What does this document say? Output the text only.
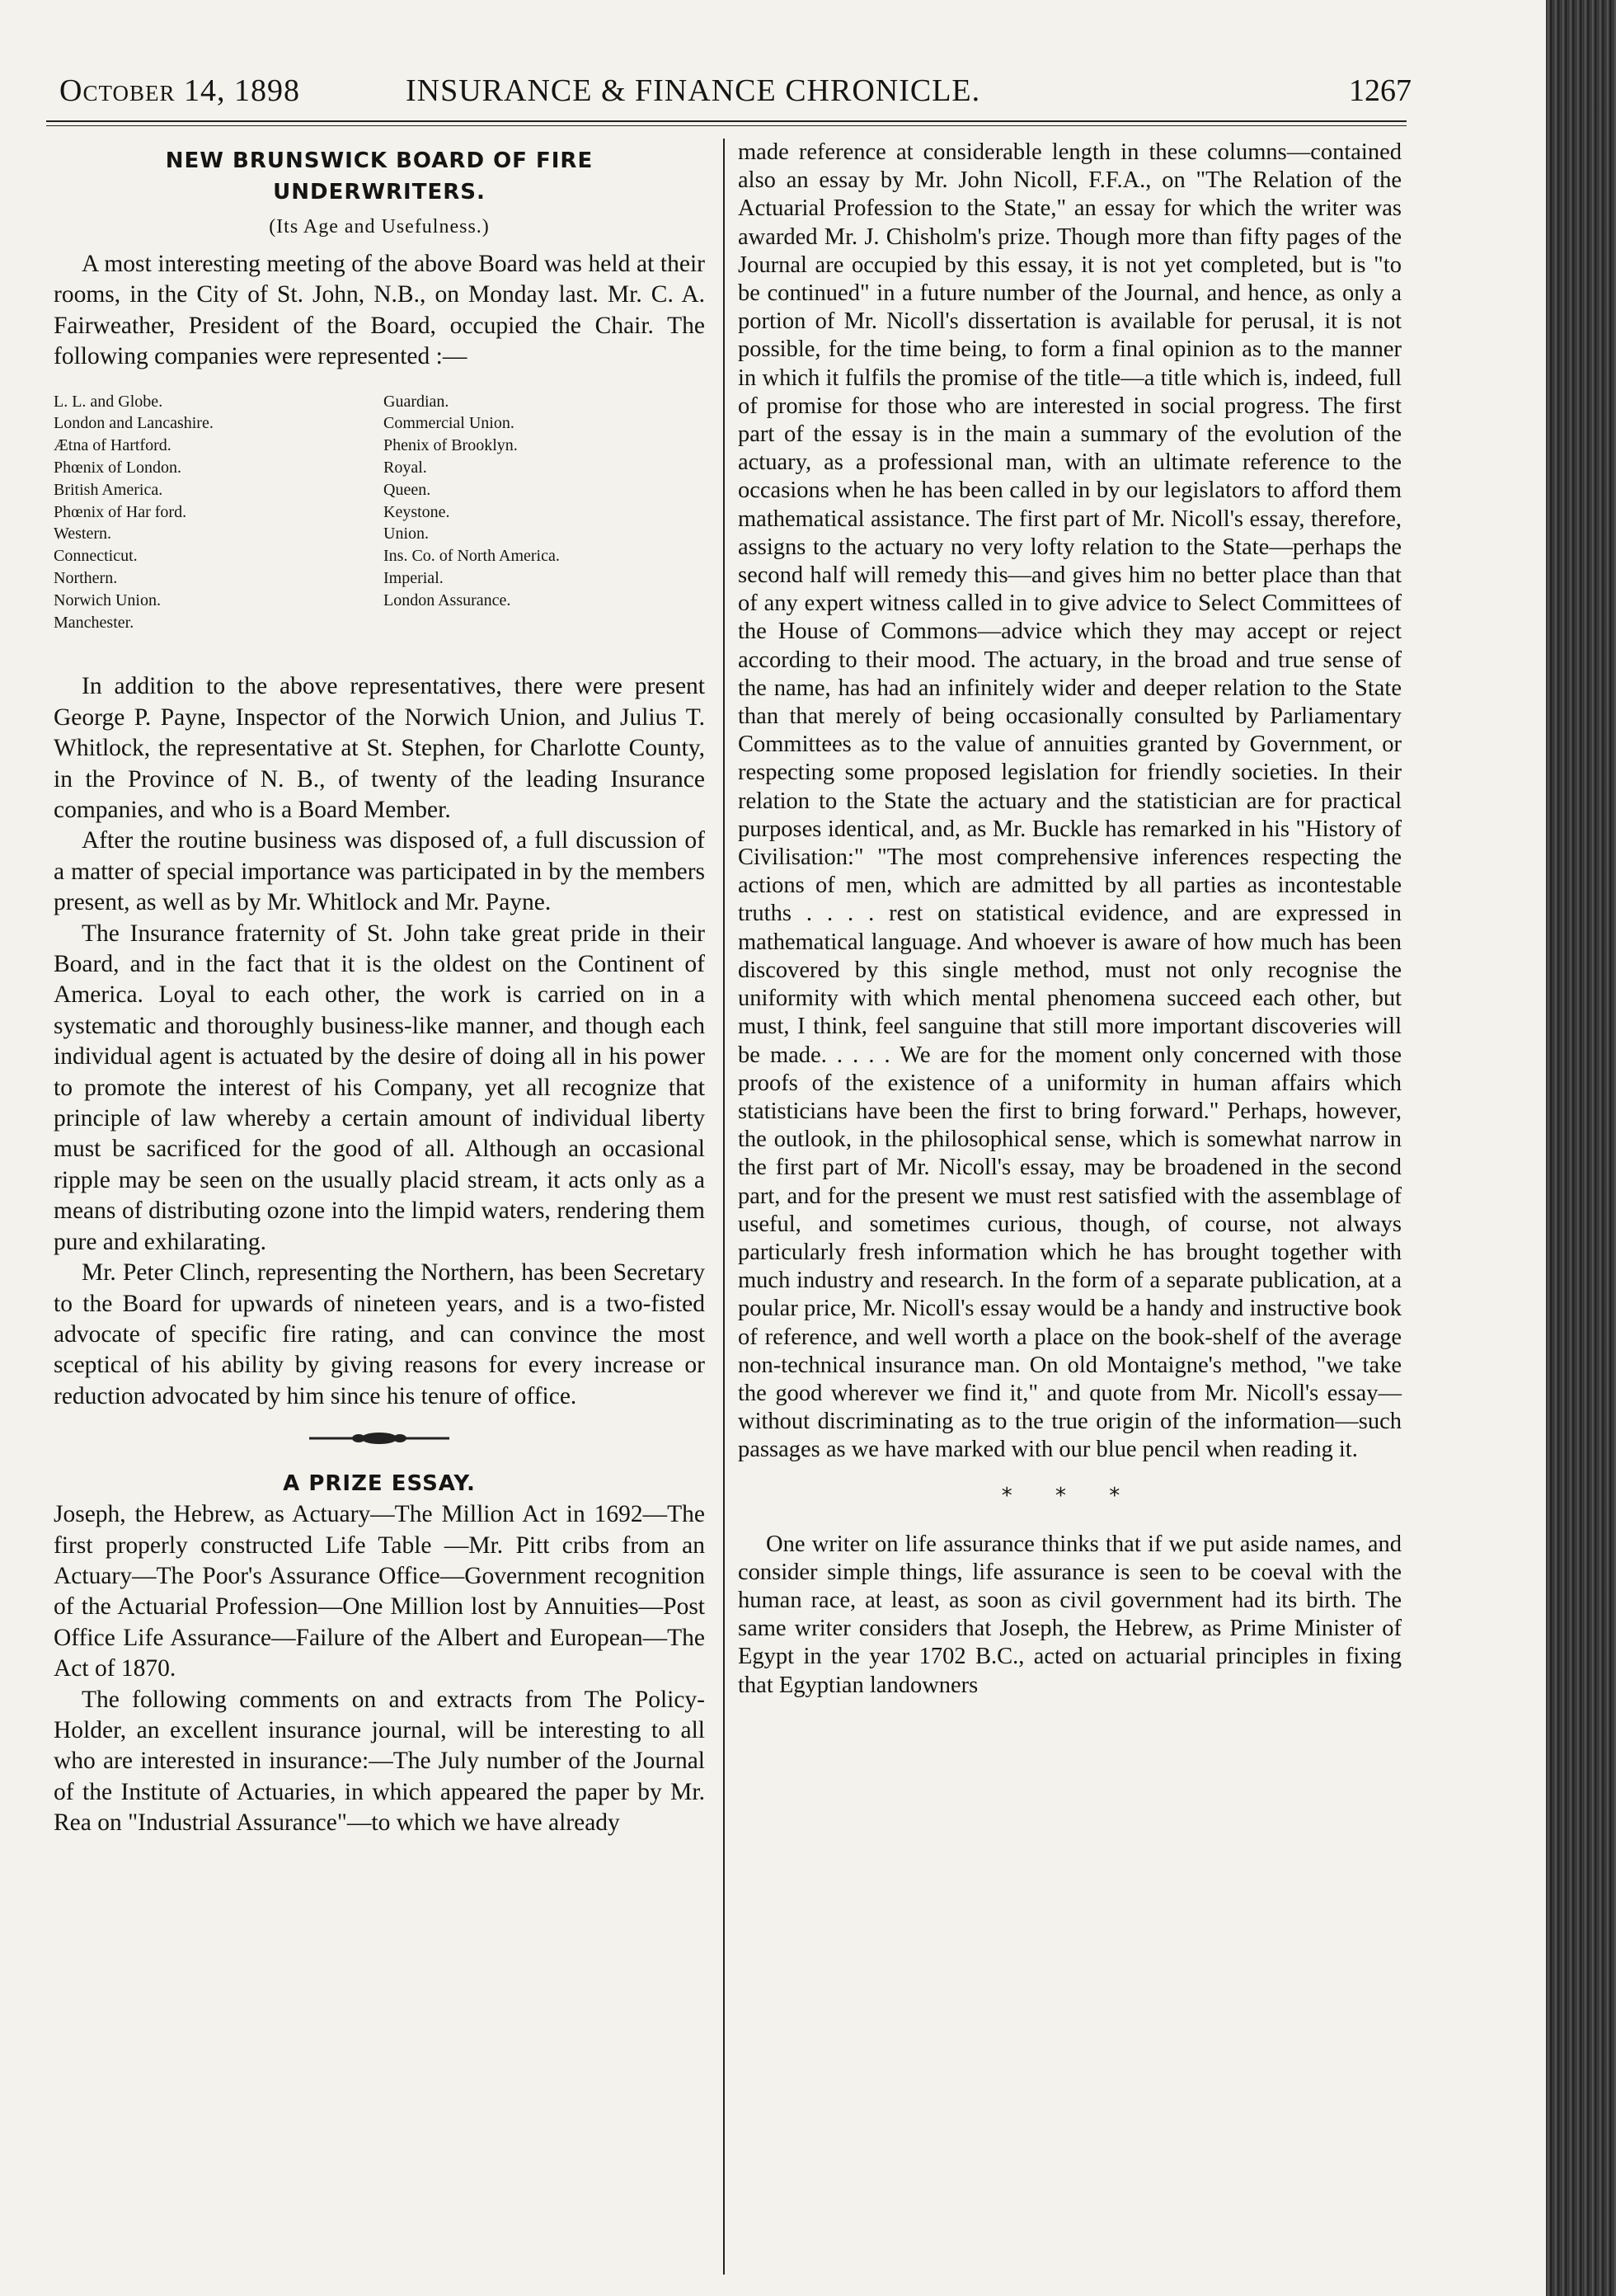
October 14, 1898	INSURANCE & FINANCE CHRONICLE.	1267
NEW BRUNSWICK BOARD OF FIRE
UNDERWRITERS.
(Its Age and Usefulness.)

A most interesting meeting of the above Board was held at their rooms, in the City of St. John, N.B., on Monday last. Mr. C. A. Fairweather, President of the Board, occupied the Chair. The following companies were represented :—

L. L. and Globe.
London and Lancashire.
Ætna of Hartford.
Phœnix of London.
British America.
Phœnix of Har ford.
Western.
Connecticut.
Northern.
Norwich Union.
Manchester.
Guardian.
Commercial Union.
Phenix of Brooklyn.
Royal.
Queen.
Keystone.
Union.
Ins. Co. of North America.
Imperial.
London Assurance.

In addition to the above representatives, there were present George P. Payne, Inspector of the Norwich Union, and Julius T. Whitlock, the representative at St. Stephen, for Charlotte County, in the Province of N. B., of twenty of the leading Insurance companies, and who is a Board Member.

After the routine business was disposed of, a full discussion of a matter of special importance was participated in by the members present, as well as by Mr. Whitlock and Mr. Payne.

The Insurance fraternity of St. John take great pride in their Board, and in the fact that it is the oldest on the Continent of America. Loyal to each other, the work is carried on in a systematic and thoroughly business-like manner, and though each individual agent is actuated by the desire of doing all in his power to promote the interest of his Company, yet all recognize that principle of law whereby a certain amount of individual liberty must be sacrificed for the good of all. Although an occasional ripple may be seen on the usually placid stream, it acts only as a means of distributing ozone into the limpid waters, rendering them pure and exhilarating.

Mr. Peter Clinch, representing the Northern, has been Secretary to the Board for upwards of nineteen years, and is a two-fisted advocate of specific fire rating, and can convince the most sceptical of his ability by giving reasons for every increase or reduction advocated by him since his tenure of office.

A PRIZE ESSAY.

Joseph, the Hebrew, as Actuary—The Million Act in 1692—The first properly constructed Life Table —Mr. Pitt cribs from an Actuary—The Poor's Assurance Office—Government recognition of the Actuarial Profession—One Million lost by Annuities—Post Office Life Assurance—Failure of the Albert and European—The Act of 1870.

The following comments on and extracts from The Policy-Holder, an excellent insurance journal, will be interesting to all who are interested in insurance:—The July number of the Journal of the Institute of Actuaries, in which appeared the paper by Mr. Rea on "Industrial Assurance"—to which we have already

made reference at considerable length in these columns—contained also an essay by Mr. John Nicoll, F.F.A., on "The Relation of the Actuarial Profession to the State," an essay for which the writer was awarded Mr. J. Chisholm's prize. Though more than fifty pages of the Journal are occupied by this essay, it is not yet completed, but is "to be continued" in a future number of the Journal, and hence, as only a portion of Mr. Nicoll's dissertation is available for perusal, it is not possible, for the time being, to form a final opinion as to the manner in which it fulfils the promise of the title—a title which is, indeed, full of promise for those who are interested in social progress. The first part of the essay is in the main a summary of the evolution of the actuary, as a professional man, with an ultimate reference to the occasions when he has been called in by our legislators to afford them mathematical assistance. The first part of Mr. Nicoll's essay, therefore, assigns to the actuary no very lofty relation to the State—perhaps the second half will remedy this—and gives him no better place than that of any expert witness called in to give advice to Select Committees of the House of Commons—advice which they may accept or reject according to their mood. The actuary, in the broad and true sense of the name, has had an infinitely wider and deeper relation to the State than that merely of being occasionally consulted by Parliamentary Committees as to the value of annuities granted by Government, or respecting some proposed legislation for friendly societies. In their relation to the State the actuary and the statistician are for practical purposes identical, and, as Mr. Buckle has remarked in his "History of Civilisation:" "The most comprehensive inferences respecting the actions of men, which are admitted by all parties as incontestable truths . . . . rest on statistical evidence, and are expressed in mathematical language. And whoever is aware of how much has been discovered by this single method, must not only recognise the uniformity with which mental phenomena succeed each other, but must, I think, feel sanguine that still more important discoveries will be made. . . . . We are for the moment only concerned with those proofs of the existence of a uniformity in human affairs which statisticians have been the first to bring forward." Perhaps, however, the outlook, in the philosophical sense, which is somewhat narrow in the first part of Mr. Nicoll's essay, may be broadened in the second part, and for the present we must rest satisfied with the assemblage of useful, and sometimes curious, though, of course, not always particularly fresh information which he has brought together with much industry and research. In the form of a separate publication, at a poular price, Mr. Nicoll's essay would be a handy and instructive book of reference, and well worth a place on the book-shelf of the average non-technical insurance man. On old Montaigne's method, "we take the good wherever we find it," and quote from Mr. Nicoll's essay—without discriminating as to the true origin of the information—such passages as we have marked with our blue pencil when reading it.

* * *

One writer on life assurance thinks that if we put aside names, and consider simple things, life assurance is seen to be coeval with the human race, at least, as soon as civil government had its birth. The same writer considers that Joseph, the Hebrew, as Prime Minister of Egypt in the year 1702 B.C., acted on actuarial principles in fixing that Egyptian landowners
